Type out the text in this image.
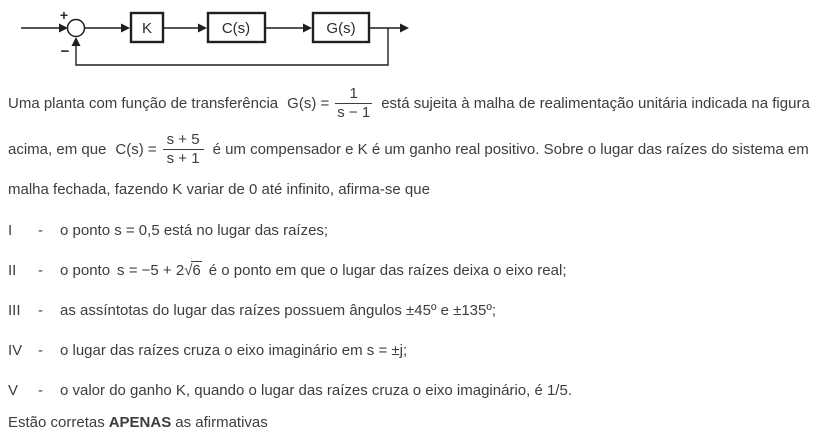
+
−
K	C(s)	G(s)
Uma planta com função de transferência $G(s) = \frac{1}{s - 1}$ está sujeita à malha de realimentação unitária indicada na figura
acima, em que $C(s) = \frac{s + 5}{s + 1}$ é um compensador e K é um ganho real positivo. Sobre o lugar das raízes do sistema em
malha fechada, fazendo K variar de 0 até infinito, afirma-se que
I	-	o ponto s = 0,5 está no lugar das raízes;
II	-	o ponto s = −5 + 2 √ 6 é o ponto em que o lugar das raízes deixa o eixo real;
III	-	as assíntotas do lugar das raízes possuem ângulos ±45º e ±135º;
IV	-	o lugar das raízes cruza o eixo imaginário em s = ±j;
V	-	o valor do ganho K, quando o lugar das raízes cruza o eixo imaginário, é 1/5.
Estão corretas APENAS as afirmativas
